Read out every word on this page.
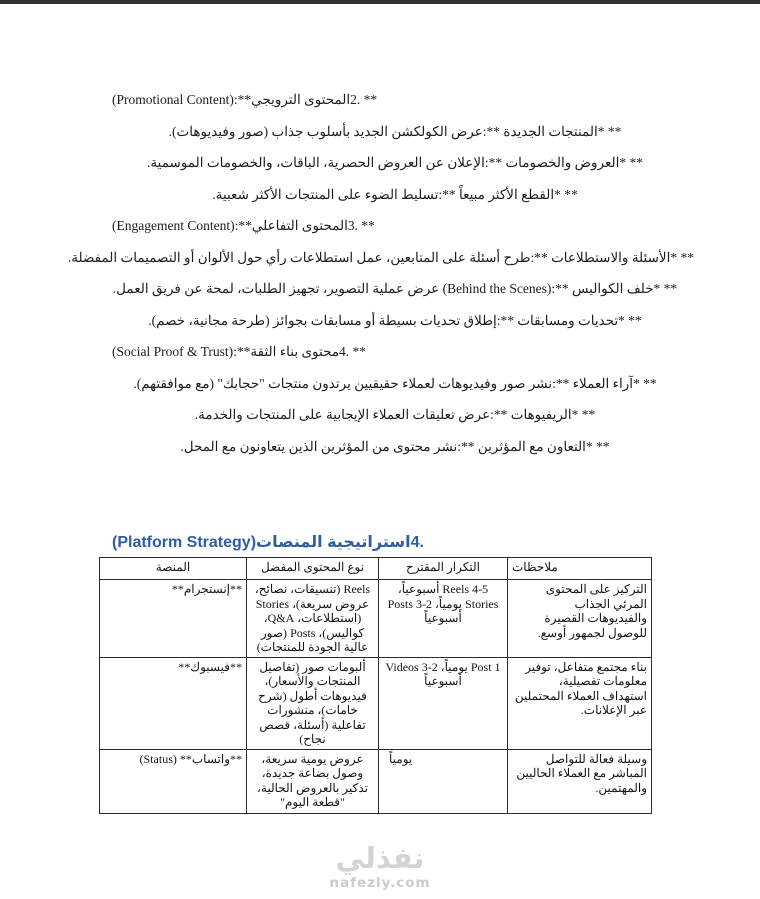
** .2المحتوى الترويجي**:(Promotional Content)

** *المنتجات الجديدة **:عرض الكولكشن الجديد بأسلوب جذاب (صور وفيديوهات).

** *العروض والخصومات **:الإعلان عن العروض الحصرية، الباقات، والخصومات الموسمية.

** *القطع الأكثر مبيعاً **:تسليط الضوء على المنتجات الأكثر شعبية.

** .3المحتوى التفاعلي**:(Engagement Content)

** *الأسئلة والاستطلاعات **:طرح أسئلة على المتابعين، عمل استطلاعات رأي حول الألوان أو التصميمات المفضلة.

** *خلف الكواليس **:(Behind the Scenes) عرض عملية التصوير، تجهيز الطلبات، لمحة عن فريق العمل.

** *تحديات ومسابقات **:إطلاق تحديات بسيطة أو مسابقات بجوائز (طرحة مجانية، خصم).

** .4محتوى بناء الثقة**:(Social Proof & Trust)

** *آراء العملاء **:نشر صور وفيديوهات لعملاء حقيقيين يرتدون منتجات "حجابك" (مع موافقتهم).

** *الريفيوهات **:عرض تعليقات العملاء الإيجابية على المنتجات والخدمة.

** *التعاون مع المؤثرين **:نشر محتوى من المؤثرين الذين يتعاونون مع المحل.

.4استراتيجية المنصات(Platform Strategy)
المنصة	نوع المحتوى المفضل	التكرار المقترح	ملاحظات
**إنستجرام**	Reels (تنسيقات، نصائح، عروض سريعة)، Stories (استطلاعات، Q&A، كواليس)، Posts (صور عالية الجودة للمنتجات)	4-5 Reels أسبوعياً، Stories يومياً، 2-3 Posts أسبوعياً	التركيز على المحتوى المرئي الجذاب والفيديوهات القصيرة للوصول لجمهور أوسع.
**فيسبوك**	ألبومات صور (تفاصيل المنتجات والأسعار)، فيديوهات أطول (شرح خامات)، منشورات تفاعلية (أسئلة، قصص نجاح)	1 Post يومياً، 2-3 Videos أسبوعياً	بناء مجتمع متفاعل، توفير معلومات تفصيلية، استهداف العملاء المحتملين عبر الإعلانات.
**واتساب** (Status)	عروض يومية سريعة، وصول بضاعة جديدة، تذكير بالعروض الحالية، "قطعة اليوم"	يومياً	وسيلة فعالة للتواصل المباشر مع العملاء الحاليين والمهتمين.
نفذلي
nafezly.com
